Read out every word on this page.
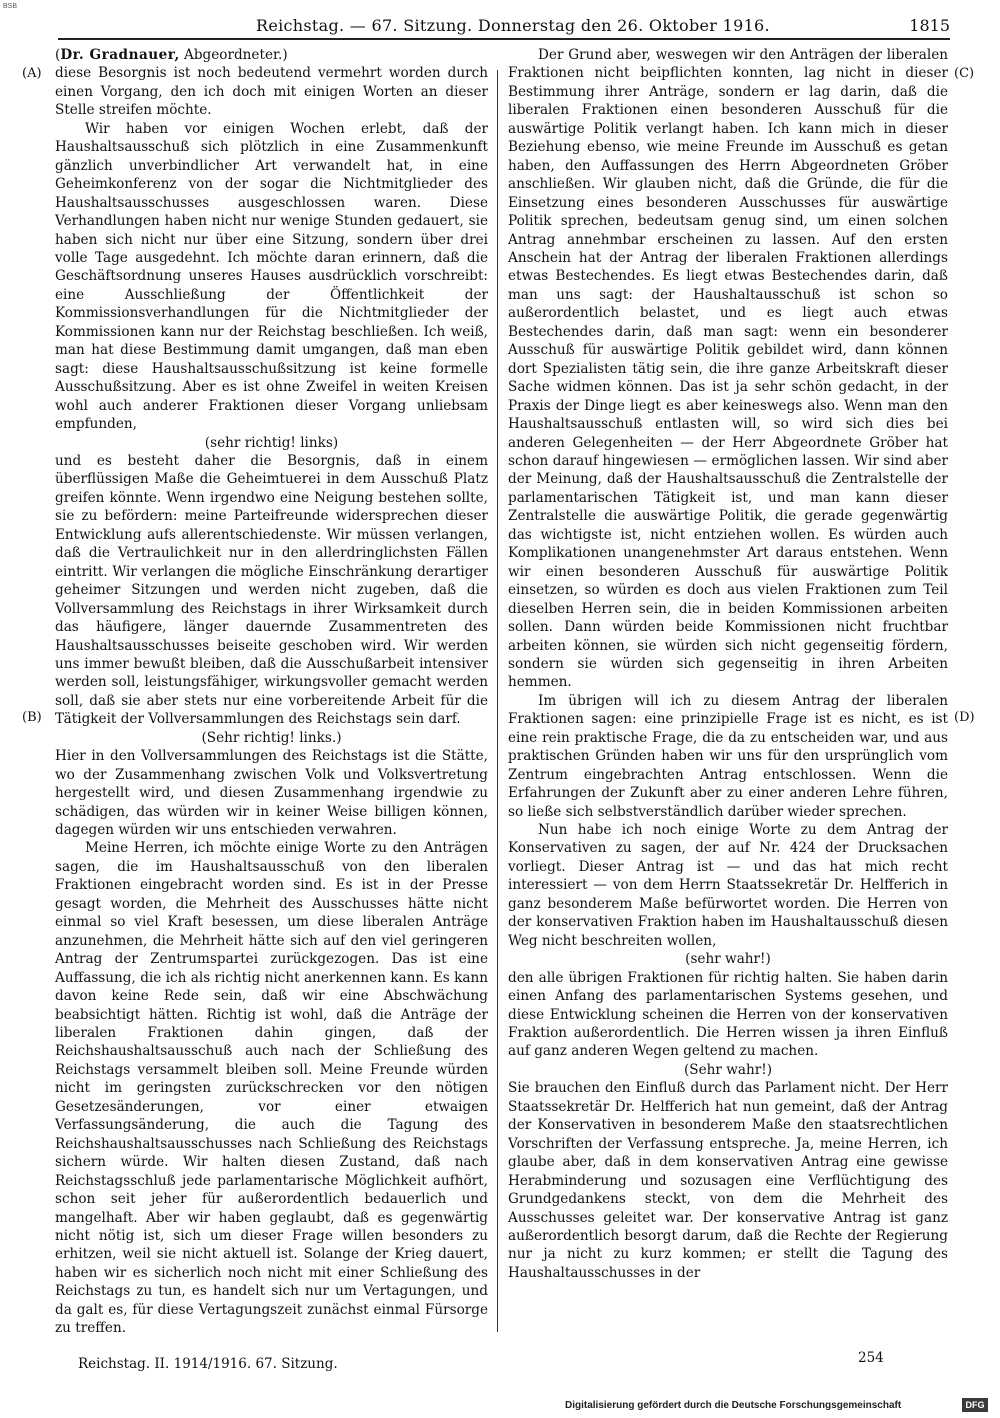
BSB
Reichstag. — 67. Sitzung. Donnerstag den 26. Oktober 1916.	1815
(A)
(B)
(C)
(D)

(Dr. Gradnauer, Abgeordneter.)

diese Besorgnis ist noch bedeutend vermehrt worden durch einen Vorgang, den ich doch mit einigen Worten an dieser Stelle streifen möchte.

Wir haben vor einigen Wochen erlebt, daß der Haushaltsausschuß sich plötzlich in eine Zusammenkunft gänzlich unverbindlicher Art verwandelt hat, in eine Geheimkonferenz von der sogar die Nichtmitglieder des Haushaltsausschusses ausgeschlossen waren. Diese Verhandlungen haben nicht nur wenige Stunden gedauert, sie haben sich nicht nur über eine Sitzung, sondern über drei volle Tage ausgedehnt. Ich möchte daran erinnern, daß die Geschäftsordnung unseres Hauses ausdrücklich vorschreibt: eine Ausschließung der Öffentlichkeit der Kommissionsverhandlungen für die Nichtmitglieder der Kommissionen kann nur der Reichstag beschließen. Ich weiß, man hat diese Bestimmung damit umgangen, daß man eben sagt: diese Haushaltsausschußsitzung ist keine formelle Ausschußsitzung. Aber es ist ohne Zweifel in weiten Kreisen wohl auch anderer Fraktionen dieser Vorgang unliebsam empfunden,

(sehr richtig! links)

und es besteht daher die Besorgnis, daß in einem überflüssigen Maße die Geheimtuerei in dem Ausschuß Platz greifen könnte. Wenn irgendwo eine Neigung bestehen sollte, sie zu befördern: meine Parteifreunde widersprechen dieser Entwicklung aufs allerentschiedenste. Wir müssen verlangen, daß die Vertraulichkeit nur in den allerdringlichsten Fällen eintritt. Wir verlangen die mögliche Einschränkung derartiger geheimer Sitzungen und werden nicht zugeben, daß die Vollversammlung des Reichstags in ihrer Wirksamkeit durch das häufigere, länger dauernde Zusammentreten des Haushaltsausschusses beiseite geschoben wird. Wir werden uns immer bewußt bleiben, daß die Ausschußarbeit intensiver werden soll, leistungsfähiger, wirkungsvoller gemacht werden soll, daß sie aber stets nur eine vorbereitende Arbeit für die Tätigkeit der Vollversammlungen des Reichstags sein darf.

(Sehr richtig! links.)

Hier in den Vollversammlungen des Reichstags ist die Stätte, wo der Zusammenhang zwischen Volk und Volksvertretung hergestellt wird, und diesen Zusammenhang irgendwie zu schädigen, das würden wir in keiner Weise billigen können, dagegen würden wir uns entschieden verwahren.

Meine Herren, ich möchte einige Worte zu den Anträgen sagen, die im Haushaltsausschuß von den liberalen Fraktionen eingebracht worden sind. Es ist in der Presse gesagt worden, die Mehrheit des Ausschusses hätte nicht einmal so viel Kraft besessen, um diese liberalen Anträge anzunehmen, die Mehrheit hätte sich auf den viel geringeren Antrag der Zentrumspartei zurückgezogen. Das ist eine Auffassung, die ich als richtig nicht anerkennen kann. Es kann davon keine Rede sein, daß wir eine Abschwächung beabsichtigt hätten. Richtig ist wohl, daß die Anträge der liberalen Fraktionen dahin gingen, daß der Reichshaushaltsausschuß auch nach der Schließung des Reichstags versammelt bleiben soll. Meine Freunde würden nicht im geringsten zurückschrecken vor den nötigen Gesetzesänderungen, vor einer etwaigen Verfassungsänderung, die auch die Tagung des Reichshaushaltsausschusses nach Schließung des Reichstags sichern würde. Wir halten diesen Zustand, daß nach Reichstagsschluß jede parlamentarische Möglichkeit aufhört, schon seit jeher für außerordentlich bedauerlich und mangelhaft. Aber wir haben geglaubt, daß es gegenwärtig nicht nötig ist, sich um dieser Frage willen besonders zu erhitzen, weil sie nicht aktuell ist. Solange der Krieg dauert, haben wir es sicherlich noch nicht mit einer Schließung des Reichstags zu tun, es handelt sich nur um Vertagungen, und da galt es, für diese Vertagungszeit zunächst einmal Fürsorge zu treffen.

Der Grund aber, weswegen wir den Anträgen der liberalen Fraktionen nicht beipflichten konnten, lag nicht in dieser Bestimmung ihrer Anträge, sondern er lag darin, daß die liberalen Fraktionen einen besonderen Ausschuß für die auswärtige Politik verlangt haben. Ich kann mich in dieser Beziehung ebenso, wie meine Freunde im Ausschuß es getan haben, den Auffassungen des Herrn Abgeordneten Gröber anschließen. Wir glauben nicht, daß die Gründe, die für die Einsetzung eines besonderen Ausschusses für auswärtige Politik sprechen, bedeutsam genug sind, um einen solchen Antrag annehmbar erscheinen zu lassen. Auf den ersten Anschein hat der Antrag der liberalen Fraktionen allerdings etwas Bestechendes. Es liegt etwas Bestechendes darin, daß man uns sagt: der Haushaltausschuß ist schon so außerordentlich belastet, und es liegt auch etwas Bestechendes darin, daß man sagt: wenn ein besonderer Ausschuß für auswärtige Politik gebildet wird, dann können dort Spezialisten tätig sein, die ihre ganze Arbeitskraft dieser Sache widmen können. Das ist ja sehr schön gedacht, in der Praxis der Dinge liegt es aber keineswegs also. Wenn man den Haushaltsausschuß entlasten will, so wird sich dies bei anderen Gelegenheiten — der Herr Abgeordnete Gröber hat schon darauf hingewiesen — ermöglichen lassen. Wir sind aber der Meinung, daß der Haushaltsausschuß die Zentralstelle der parlamentarischen Tätigkeit ist, und man kann dieser Zentralstelle die auswärtige Politik, die gerade gegenwärtig das wichtigste ist, nicht entziehen wollen. Es würden auch Komplikationen unangenehmster Art daraus entstehen. Wenn wir einen besonderen Ausschuß für auswärtige Politik einsetzen, so würden es doch aus vielen Fraktionen zum Teil dieselben Herren sein, die in beiden Kommissionen arbeiten sollen. Dann würden beide Kommissionen nicht fruchtbar arbeiten können, sie würden sich nicht gegenseitig fördern, sondern sie würden sich gegenseitig in ihren Arbeiten hemmen.

Im übrigen will ich zu diesem Antrag der liberalen Fraktionen sagen: eine prinzipielle Frage ist es nicht, es ist eine rein praktische Frage, die da zu entscheiden war, und aus praktischen Gründen haben wir uns für den ursprünglich vom Zentrum eingebrachten Antrag entschlossen. Wenn die Erfahrungen der Zukunft aber zu einer anderen Lehre führen, so ließe sich selbstverständlich darüber wieder sprechen.

Nun habe ich noch einige Worte zu dem Antrag der Konservativen zu sagen, der auf Nr. 424 der Drucksachen vorliegt. Dieser Antrag ist — und das hat mich recht interessiert — von dem Herrn Staatssekretär Dr. Helfferich in ganz besonderem Maße befürwortet worden. Die Herren von der konservativen Fraktion haben im Haushaltausschuß diesen Weg nicht beschreiten wollen,

(sehr wahr!)

den alle übrigen Fraktionen für richtig halten. Sie haben darin einen Anfang des parlamentarischen Systems gesehen, und diese Entwicklung scheinen die Herren von der konservativen Fraktion außerordentlich. Die Herren wissen ja ihren Einfluß auf ganz anderen Wegen geltend zu machen.

(Sehr wahr!)

Sie brauchen den Einfluß durch das Parlament nicht. Der Herr Staatssekretär Dr. Helfferich hat nun gemeint, daß der Antrag der Konservativen in besonderem Maße den staatsrechtlichen Vorschriften der Verfassung entspreche. Ja, meine Herren, ich glaube aber, daß in dem konservativen Antrag eine gewisse Herabminderung und sozusagen eine Verflüchtigung des Grundgedankens steckt, von dem die Mehrheit des Ausschusses geleitet war. Der konservative Antrag ist ganz außerordentlich besorgt darum, daß die Rechte der Regierung nur ja nicht zu kurz kommen; er stellt die Tagung des Haushaltausschusses in der

Reichstag. II. 1914/1916. 67. Sitzung.	254
Digitalisierung gefördert durch die Deutsche Forschungsgemeinschaft	DFG
